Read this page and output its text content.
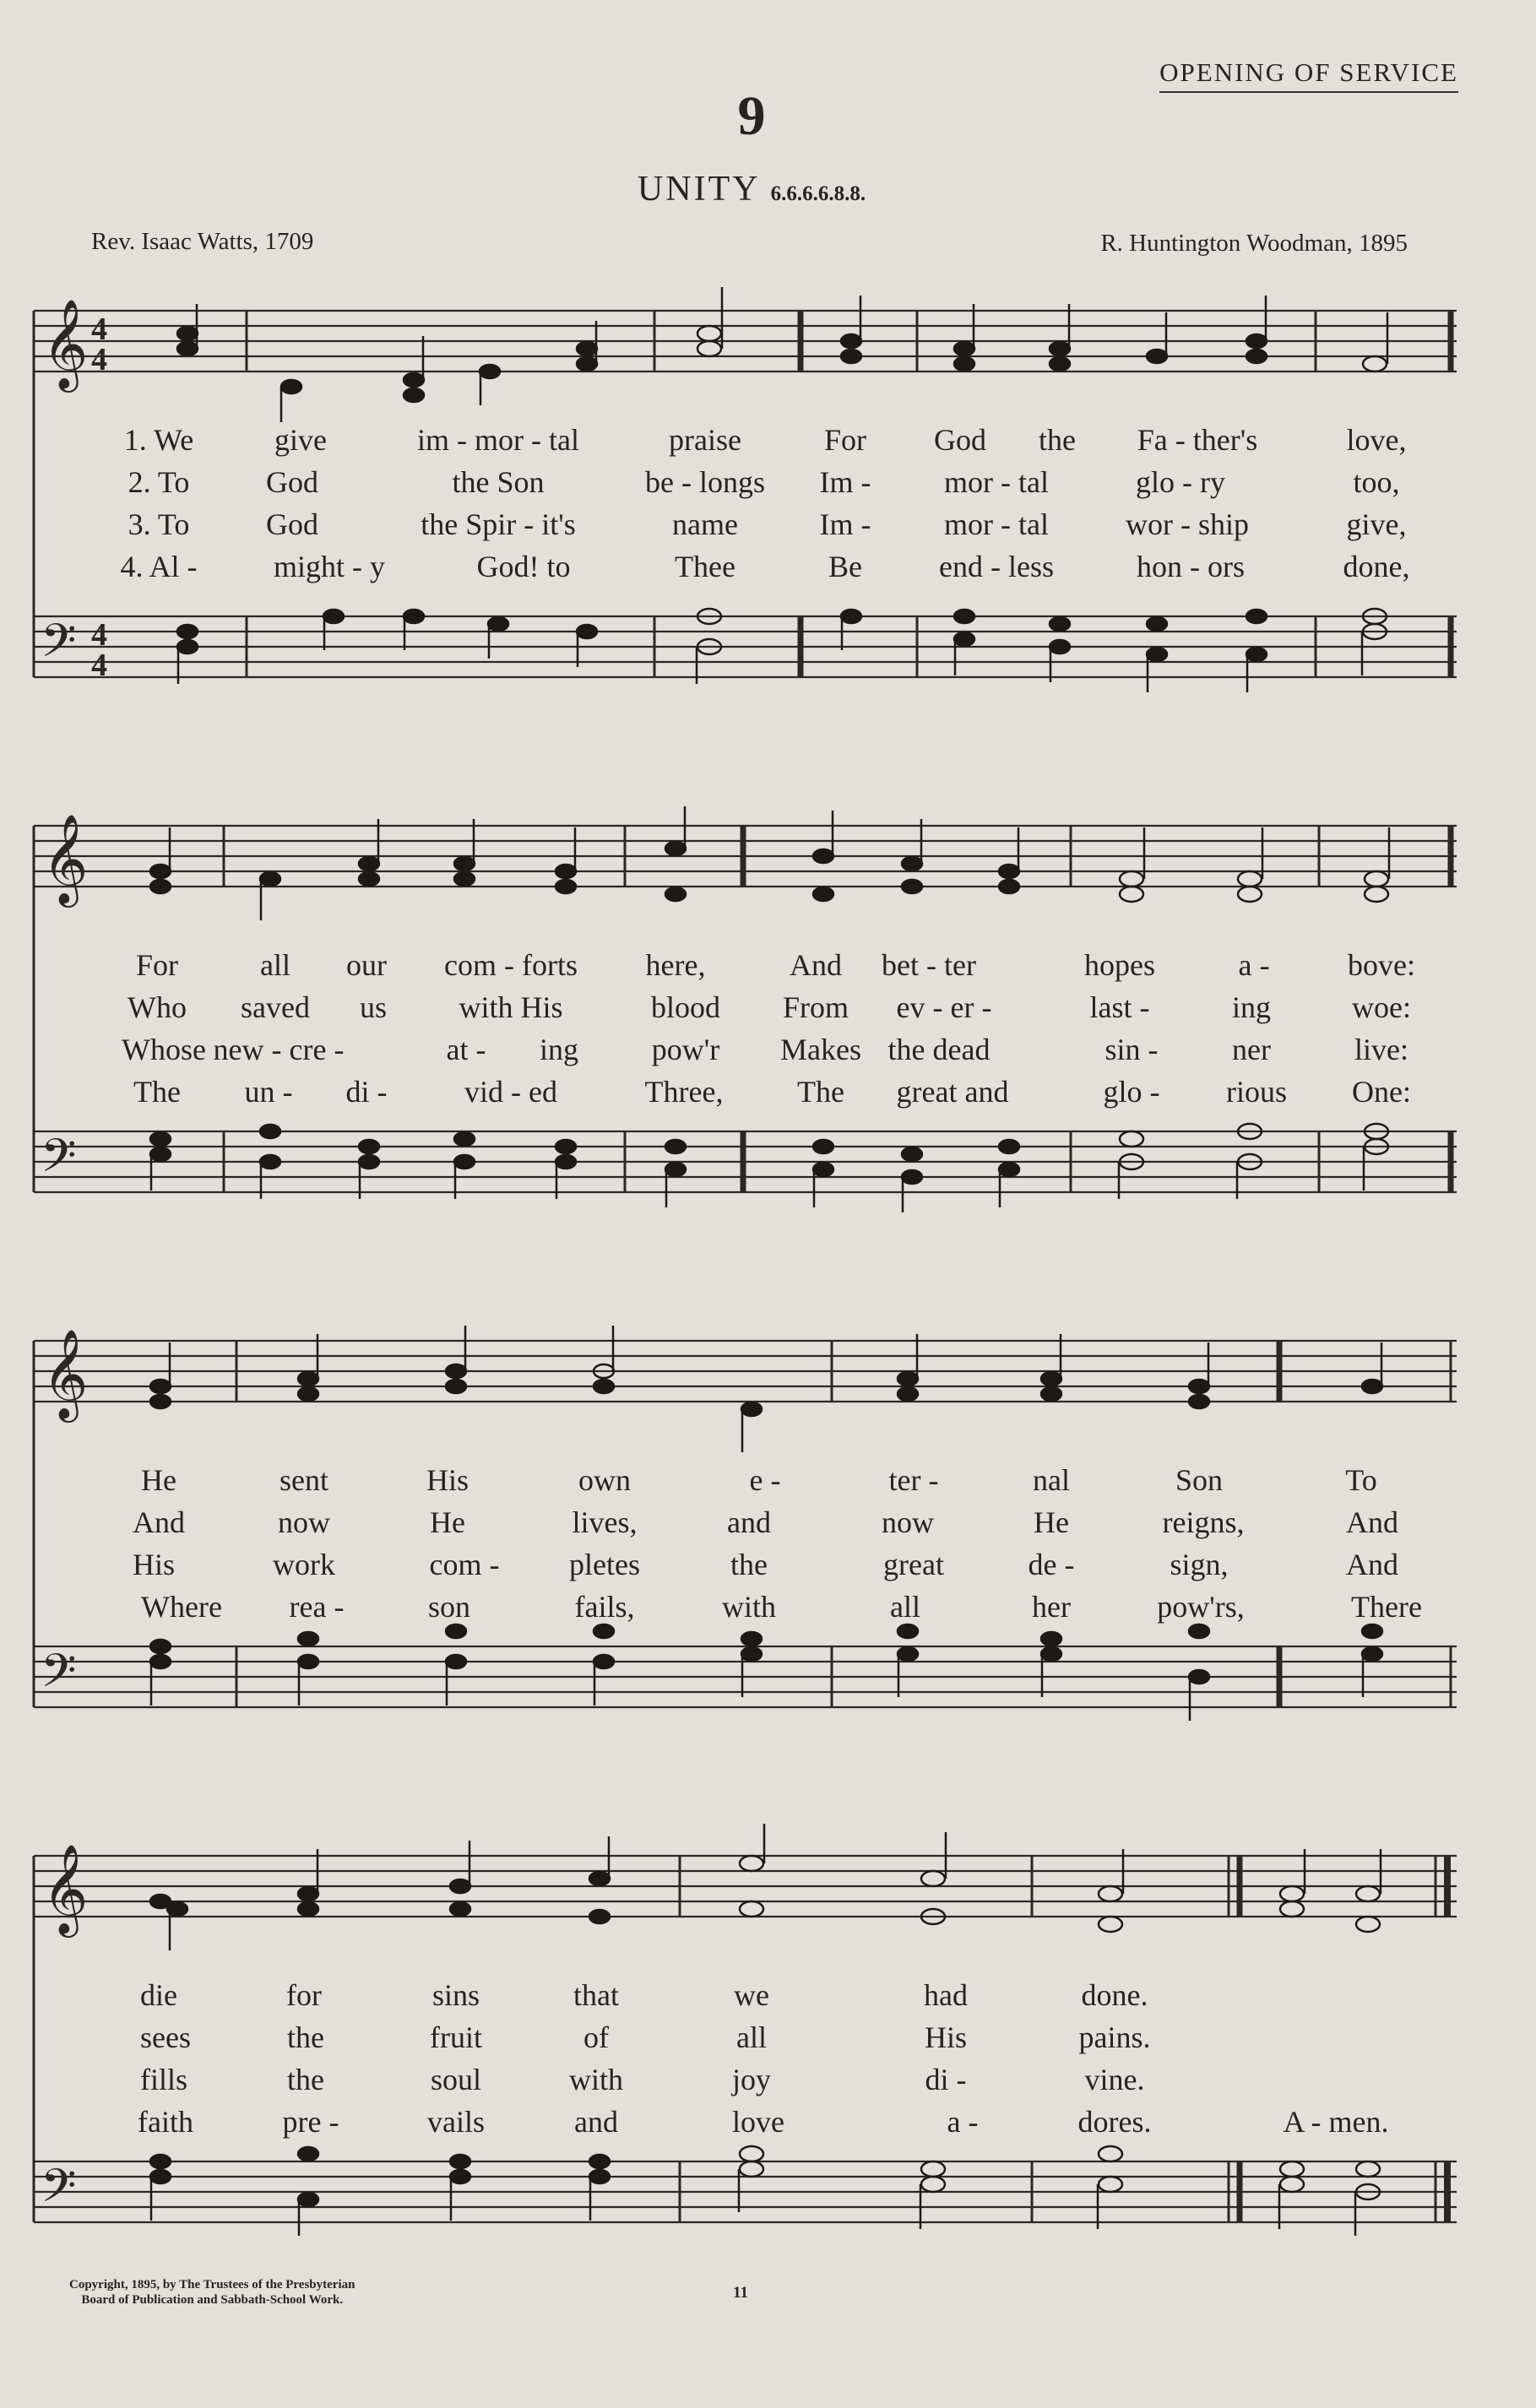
OPENING OF SERVICE
9
UNITY 6.6.6.6.8.8.
Rev. Isaac Watts, 1709	R. Huntington Woodman, 1895
𝄞
𝄢
4
4
4
4
1. We	give	im - mor - tal	praise	For God the Fa - ther's	love,
2. To	God	the Son	be - longs Im - mor - tal	glo - ry	too,
3. To	God	the Spir - it's	name	Im - mor - tal	wor - ship	give,
4. Al -	might - y	God! to	Thee	Be	end - less	hon - ors	done,
𝄞
𝄢
For	all our com - forts here,	And bet - ter	hopes	a -	bove:
Who saved us with His	blood From ev - er -	last -	ing	woe:
Whose new - cre -	at - ing pow'r Makes the dead	sin - ner	live:
The un - di -	vid - ed	Three, The great and	glo - rious One:
𝄞
𝄢
He	sent	His	own	e -	ter -	nal	Son	To
And	now	He	lives,	and	now	He	reigns,	And
His	work	com - pletes	the	great	de -	sign,	And
Where rea -	son	fails,	with	all	her	pow'rs,	There
𝄞
𝄢
die	for	sins	that	we	had	done.
sees	the	fruit	of	all	His	pains.
fills	the	soul	with	joy	di -	vine.
faith	pre -	vails	and	love	a -	dores.	A - men.
Copyright, 1895, by The Trustees of the Presbyterian
Board of Publication and Sabbath-School Work.	11
